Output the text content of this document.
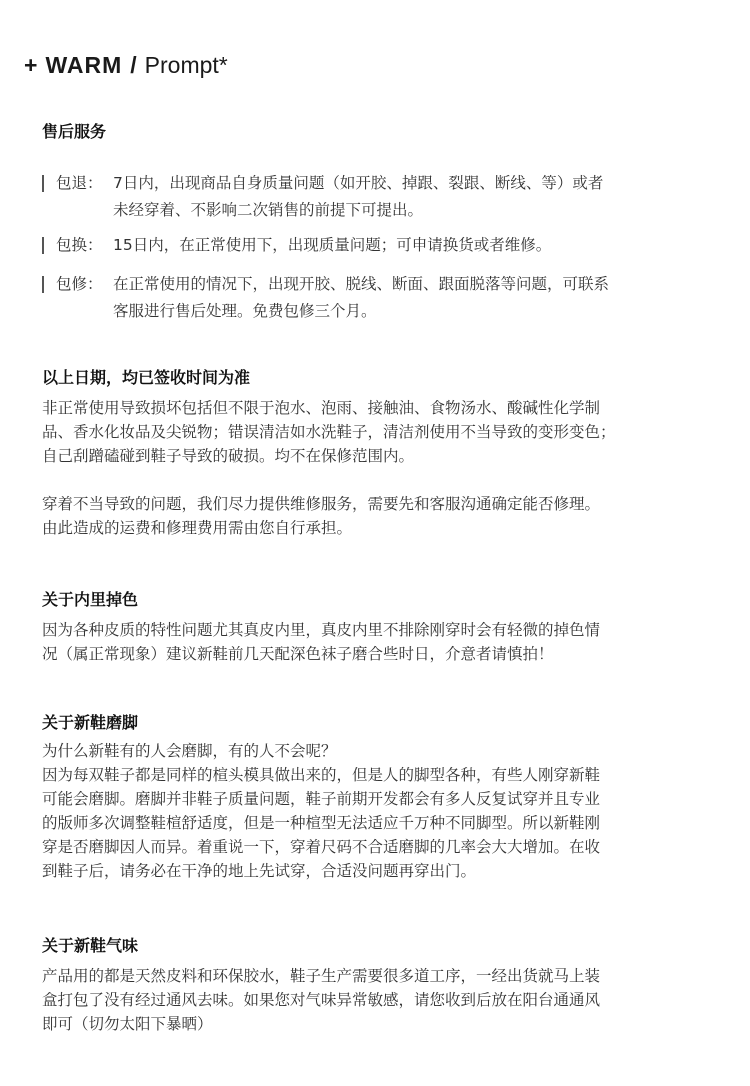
+ WARM / Prompt*
售后服务
包退： 7日内，出现商品自身质量问题（如开胶、掉跟、裂跟、断线、等）或者
未经穿着、不影响二次销售的前提下可提出。
包换： 15日内，在正常使用下，出现质量问题；可申请换货或者维修。
包修： 在正常使用的情况下，出现开胶、脱线、断面、跟面脱落等问题，可联系
客服进行售后处理。免费包修三个月。
以上日期，均已签收时间为准
非正常使用导致损坏包括但不限于泡水、泡雨、接触油、食物汤水、酸碱性化学制
品、香水化妆品及尖锐物；错误清洁如水洗鞋子，清洁剂使用不当导致的变形变色；
自己刮蹭磕碰到鞋子导致的破损。均不在保修范围内。
穿着不当导致的问题，我们尽力提供维修服务，需要先和客服沟通确定能否修理。
由此造成的运费和修理费用需由您自行承担。
关于内里掉色
因为各种皮质的特性问题尤其真皮内里，真皮内里不排除刚穿时会有轻微的掉色情
况（属正常现象）建议新鞋前几天配深色袜子磨合些时日，介意者请慎拍！
关于新鞋磨脚
为什么新鞋有的人会磨脚，有的人不会呢？
因为每双鞋子都是同样的楦头模具做出来的，但是人的脚型各种，有些人刚穿新鞋
可能会磨脚。磨脚并非鞋子质量问题，鞋子前期开发都会有多人反复试穿并且专业
的版师多次调整鞋楦舒适度，但是一种楦型无法适应千万种不同脚型。所以新鞋刚
穿是否磨脚因人而异。着重说一下，穿着尺码不合适磨脚的几率会大大增加。在收
到鞋子后，请务必在干净的地上先试穿，合适没问题再穿出门。
关于新鞋气味
产品用的都是天然皮料和环保胶水，鞋子生产需要很多道工序，一经出货就马上装
盒打包了没有经过通风去味。如果您对气味异常敏感，请您收到后放在阳台通通风
即可（切勿太阳下暴晒）
